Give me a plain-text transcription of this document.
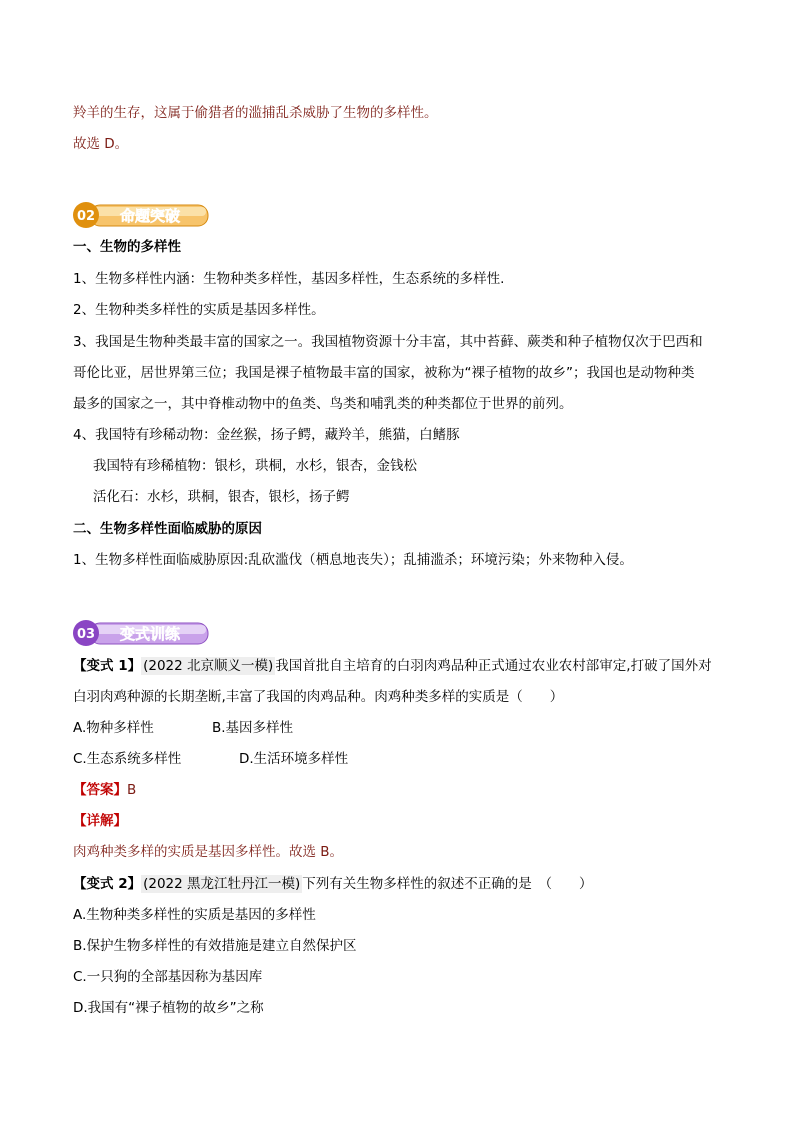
羚羊的生存，这属于偷猎者的滥捕乱杀威胁了生物的多样性。
故选 D。
02 命题突破
一、生物的多样性
1、生物多样性内涵：生物种类多样性，基因多样性，生态系统的多样性.
2、生物种类多样性的实质是基因多样性。
3、我国是生物种类最丰富的国家之一。我国植物资源十分丰富，其中苔藓、蕨类和种子植物仅次于巴西和
哥伦比亚，居世界第三位；我国是裸子植物最丰富的国家，被称为“裸子植物的故乡”；我国也是动物种类
最多的国家之一，其中脊椎动物中的鱼类、鸟类和哺乳类的种类都位于世界的前列。
4、我国特有珍稀动物：金丝猴，扬子鳄，藏羚羊，熊猫，白鳍豚
我国特有珍稀植物：银杉，珙桐，水杉，银杏，金钱松
活化石：水杉，珙桐，银杏，银杉，扬子鳄
二、生物多样性面临威胁的原因
1、生物多样性面临威胁原因:乱砍滥伐（栖息地丧失）；乱捕滥杀；环境污染；外来物种入侵。
03 变式训练
【变式 1】 (2022 北京顺义一模) 我国首批自主培育的白羽肉鸡品种正式通过农业农村部审定,打破了国外对
白羽肉鸡种源的长期垄断,丰富了我国的肉鸡品种。肉鸡种类多样的实质是（　　）
A.物种多样性	B.基因多样性
C.生态系统多样性	D.生活环境多样性
【答案】B
【详解】
肉鸡种类多样的实质是基因多样性。故选 B。
【变式 2】 (2022 黑龙江牡丹江一模) 下列有关生物多样性的叙述不正确的是　（　　）
A.生物种类多样性的实质是基因的多样性
B.保护生物多样性的有效措施是建立自然保护区
C.一只狗的全部基因称为基因库
D.我国有“裸子植物的故乡”之称
